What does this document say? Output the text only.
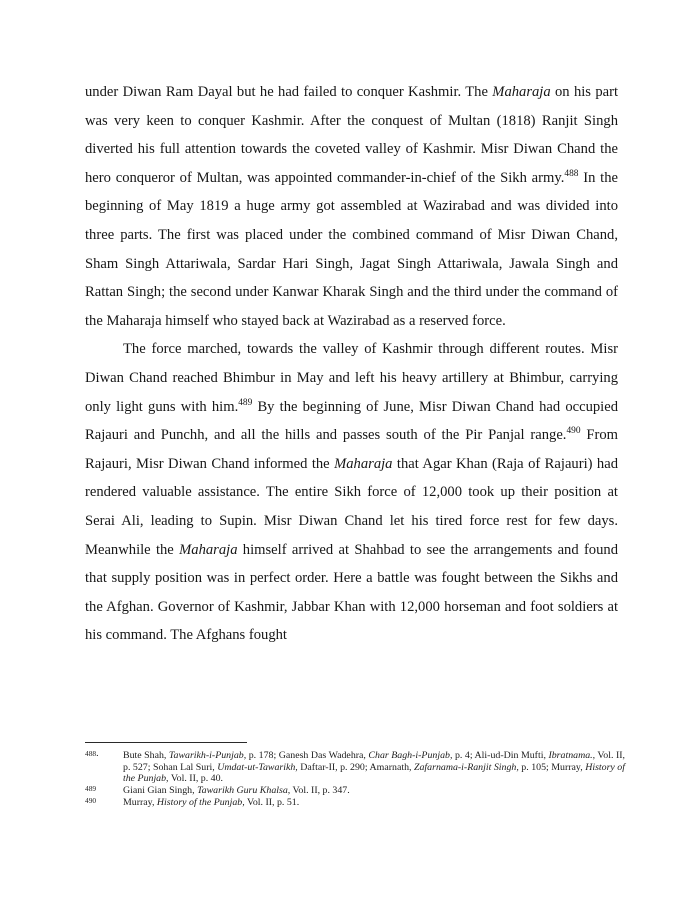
under Diwan Ram Dayal but he had failed to conquer Kashmir. The Maharaja on his part was very keen to conquer Kashmir. After the conquest of Multan (1818) Ranjit Singh diverted his full attention towards the coveted valley of Kashmir. Misr Diwan Chand the hero conqueror of Multan, was appointed commander-in-chief of the Sikh army.$^{488}$ In the beginning of May 1819 a huge army got assembled at Wazirabad and was divided into three parts. The first was placed under the combined command of Misr Diwan Chand, Sham Singh Attariwala, Sardar Hari Singh, Jagat Singh Attariwala, Jawala Singh and Rattan Singh; the second under Kanwar Kharak Singh and the third under the command of the Maharaja himself who stayed back at Wazirabad as a reserved force.

The force marched, towards the valley of Kashmir through different routes. Misr Diwan Chand reached Bhimbur in May and left his heavy artillery at Bhimbur, carrying only light guns with him.$^{489}$ By the beginning of June, Misr Diwan Chand had occupied Rajauri and Punchh, and all the hills and passes south of the Pir Panjal range.$^{490}$ From Rajauri, Misr Diwan Chand informed the Maharaja that Agar Khan (Raja of Rajauri) had rendered valuable assistance. The entire Sikh force of 12,000 took up their position at Serai Ali, leading to Supin. Misr Diwan Chand let his tired force rest for few days. Meanwhile the Maharaja himself arrived at Shahbad to see the arrangements and found that supply position was in perfect order. Here a battle was fought between the Sikhs and the Afghan. Governor of Kashmir, Jabbar Khan with 12,000 horseman and foot soldiers at his command. The Afghans fought

488.	Bute Shah, Tawarikh-i-Punjab, p. 178; Ganesh Das Wadehra, Char Bagh-i-Punjab, p. 4; Ali-ud-Din Mufti, Ibratnama., Vol. II, p. 527; Sohan Lal Suri, Umdat-ut-Tawarikh, Daftar-II, p. 290; Amarnath, Zafarnama-i-Ranjit Singh, p. 105; Murray, History of the Punjab, Vol. II, p. 40.
489	Giani Gian Singh, Tawarikh Guru Khalsa, Vol. II, p. 347.
490	Murray, History of the Punjab, Vol. II, p. 51.
